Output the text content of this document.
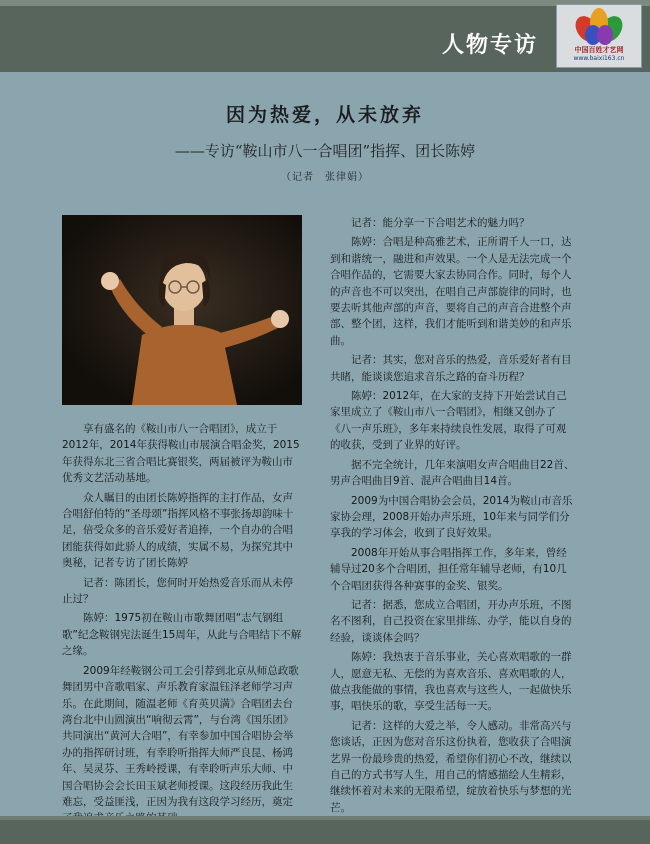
人物专访	中国百姓才艺网
www.baixi163.cn
因为热爱，从未放弃
——专访“鞍山市八一合唱团”指挥、团长陈婷
（记者　张律娟）

享有盛名的《鞍山市八一合唱团》，成立于2012年，2014年获得鞍山市展演合唱金奖，2015年获得东北三省合唱比赛银奖，两届被评为鞍山市优秀文艺活动基地。

众人瞩目的由团长陈婷指挥的主打作品，女声合唱舒伯特的“圣母颂”指挥风格不事张扬却韵味十足，倍受众多的音乐爱好者追捧，一个自办的合唱团能获得如此骄人的成绩，实属不易，为探究其中奥秘，记者专访了团长陈婷

记者：陈团长，您何时开始热爱音乐而从未停止过？

陈婷：1975初在鞍山市歌舞团唱“志气钢组歌”纪念鞍钢宪法诞生15周年，从此与合唱结下不解之缘。

2009年经鞍钢公司工会引荐到北京从师总政歌舞团男中音歌唱家、声乐教育家温钰泽老师学习声乐。在此期间，随温老师《育英贝满》合唱团去台湾台北中山圆演出“响彻云霄”，与台湾《国乐团》共同演出“黄河大合唱”，有幸参加中国合唱协会举办的指挥研讨班，有幸聆听指挥大师严良昆、杨鸿年、吴灵芬、王秀岭授课，有幸聆听声乐大师、中国合唱协会会长田玉斌老师授课。这段经历我此生难忘，受益匪浅，正因为我有这段学习经历，奠定

记者：能分享一下合唱艺术的魅力吗？

陈婷：合唱是种高雅艺术，正所谓千人一口，达到和谐统一，融进和声效果。一个人是无法完成一个合唱作品的，它需要大家去协同合作。同时，每个人的声音也不可以突出，在唱自己声部旋律的同时，也要去听其他声部的声音，要将自己的声音合进整个声部、整个团，这样，我们才能听到和谐美妙的和声乐曲。

记者：其实，您对音乐的热爱，音乐爱好者有目共睹，能谈谈您追求音乐之路的奋斗历程？

陈婷：2012年，在大家的支持下开始尝试自己家里成立了《鞍山市八一合唱团》，相继又创办了《八一声乐班》，多年来持续良性发展，取得了可观的收获，受到了业界的好评。

据不完全统计，几年来演唱女声合唱曲目22首、男声合唱曲目9首、混声合唱曲目14首。

2009为中国合唱协会会员，2014为鞍山市音乐家协会理，2008开始办声乐班，10年来与同学们分享我的学习体会，收到了良好效果。

2008年开始从事合唱指挥工作，多年来，曾经辅导过20多个合唱团，担任常年辅导老师，有10几个合唱团获得各种赛事的金奖、银奖。

记者：据悉，您成立合唱团，开办声乐班，不图名不图利，自己投资在家里排练、办学，能以自身的经验，谈谈体会吗？

陈婷：我热衷于音乐事业，关心喜欢唱歌的一群人，愿意无私、无偿的为喜欢音乐、喜欢唱歌的人，做点我能做的事情，我也喜欢与这些人，一起做快乐事，唱快乐的歌，享受生活每一天。

记者：这样的大爱之举，令人感动。非常高兴与您谈话，正因为您对音乐这份执着，您收获了合唱演艺界一份最珍贵的热爱，希望你们初心不改，继续以自己的方式书写人生，用自己的情感描绘人生精彩，继续怀着对未来的无限希望，绽放着快乐与梦想的光芒。
